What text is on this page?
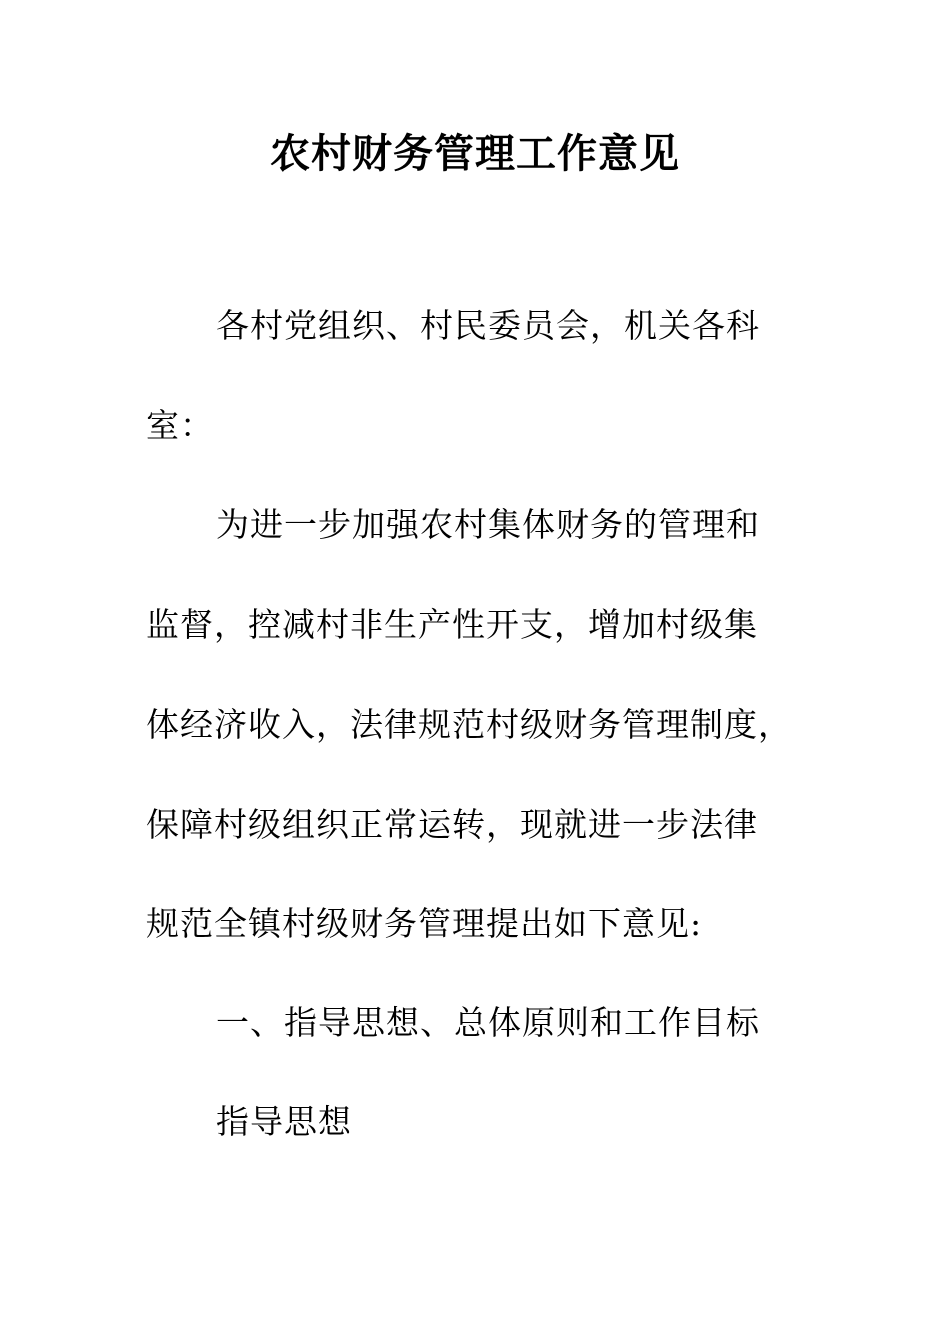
农村财务管理工作意见
各村党组织、村民委员会，机关各科
室：
为进一步加强农村集体财务的管理和
监督，控减村非生产性开支，增加村级集
体经济收入，法律规范村级财务管理制度，
保障村级组织正常运转，现就进一步法律
规范全镇村级财务管理提出如下意见:
一、指导思想、总体原则和工作目标
指导思想
